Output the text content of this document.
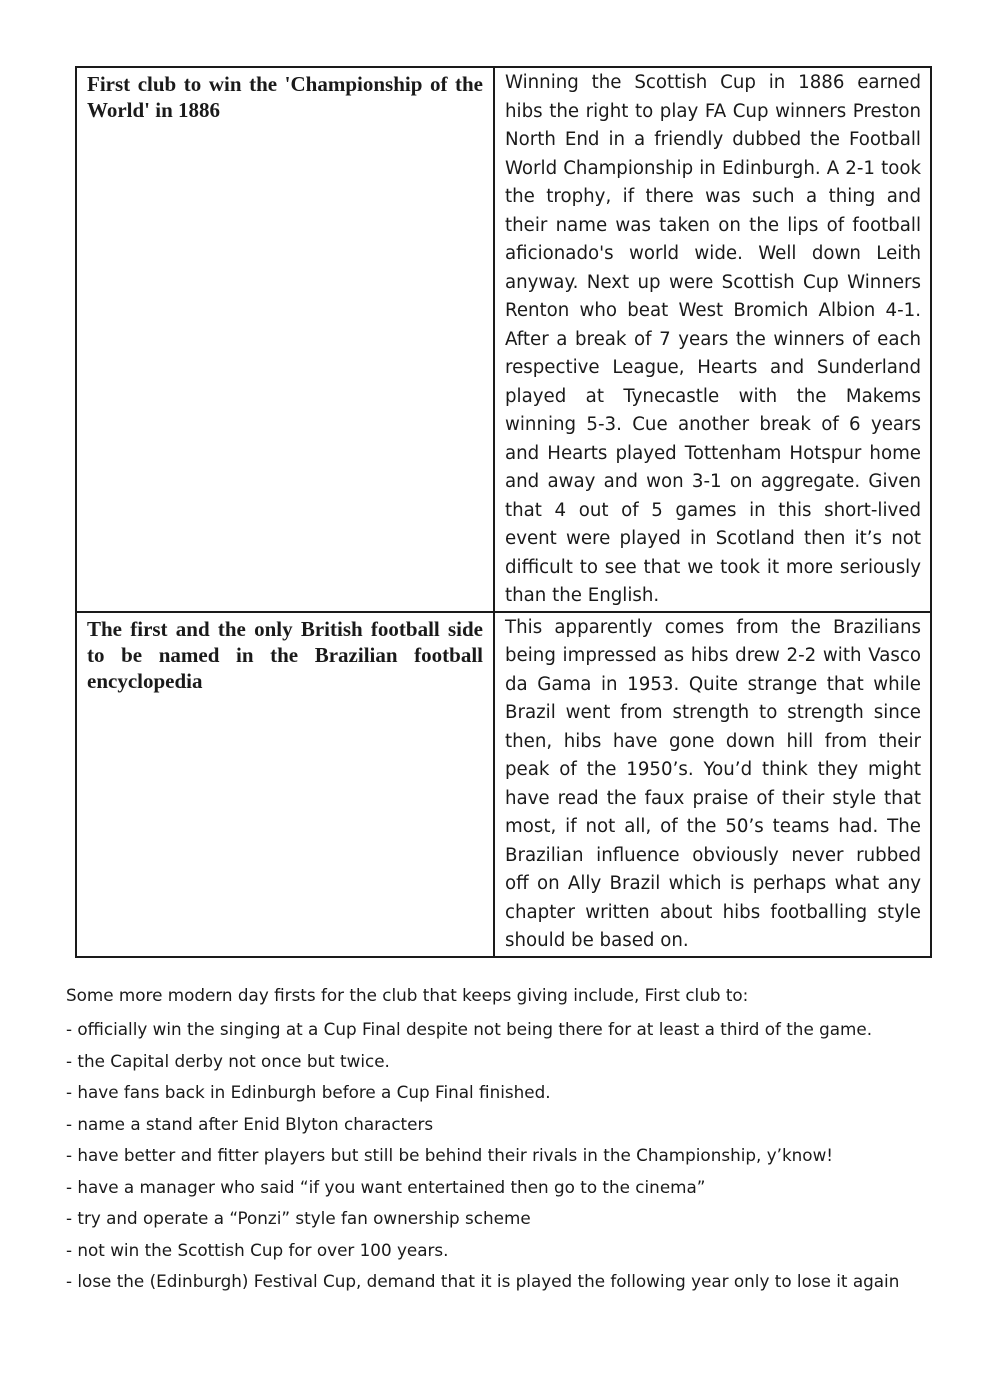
First club to win the 'Championship of the World' in 1886	Winning the Scottish Cup in 1886 earned hibs the right to play FA Cup winners Preston North End in a friendly dubbed the Football World Championship in Edinburgh. A 2-1 took the trophy, if there was such a thing and their name was taken on the lips of football aficionado's world wide. Well down Leith anyway. Next up were Scottish Cup Winners Renton who beat West Bromich Albion 4-1. After a break of 7 years the winners of each respective League, Hearts and Sunderland played at Tynecastle with the Makems winning 5-3. Cue another break of 6 years and Hearts played Tottenham Hotspur home and away and won 3-1 on aggregate. Given that 4 out of 5 games in this short-lived event were played in Scotland then it’s not difficult to see that we took it more seriously than the English.
The first and the only British football side to be named in the Brazilian football encyclopedia	This apparently comes from the Brazilians being impressed as hibs drew 2-2 with Vasco da Gama in 1953. Quite strange that while Brazil went from strength to strength since then, hibs have gone down hill from their peak of the 1950’s. You’d think they might have read the faux praise of their style that most, if not all, of the 50’s teams had. The Brazilian influence obviously never rubbed off on Ally Brazil which is perhaps what any chapter written about hibs footballing style should be based on.

Some more modern day firsts for the club that keeps giving include, First club to:

- officially win the singing at a Cup Final despite not being there for at least a third of the game.
- the Capital derby not once but twice.
- have fans back in Edinburgh before a Cup Final finished.
- name a stand after Enid Blyton characters
- have better and fitter players but still be behind their rivals in the Championship, y’know!
- have a manager who said “if you want entertained then go to the cinema”
- try and operate a “Ponzi” style fan ownership scheme
- not win the Scottish Cup for over 100 years.
- lose the (Edinburgh) Festival Cup, demand that it is played the following year only to lose it again
